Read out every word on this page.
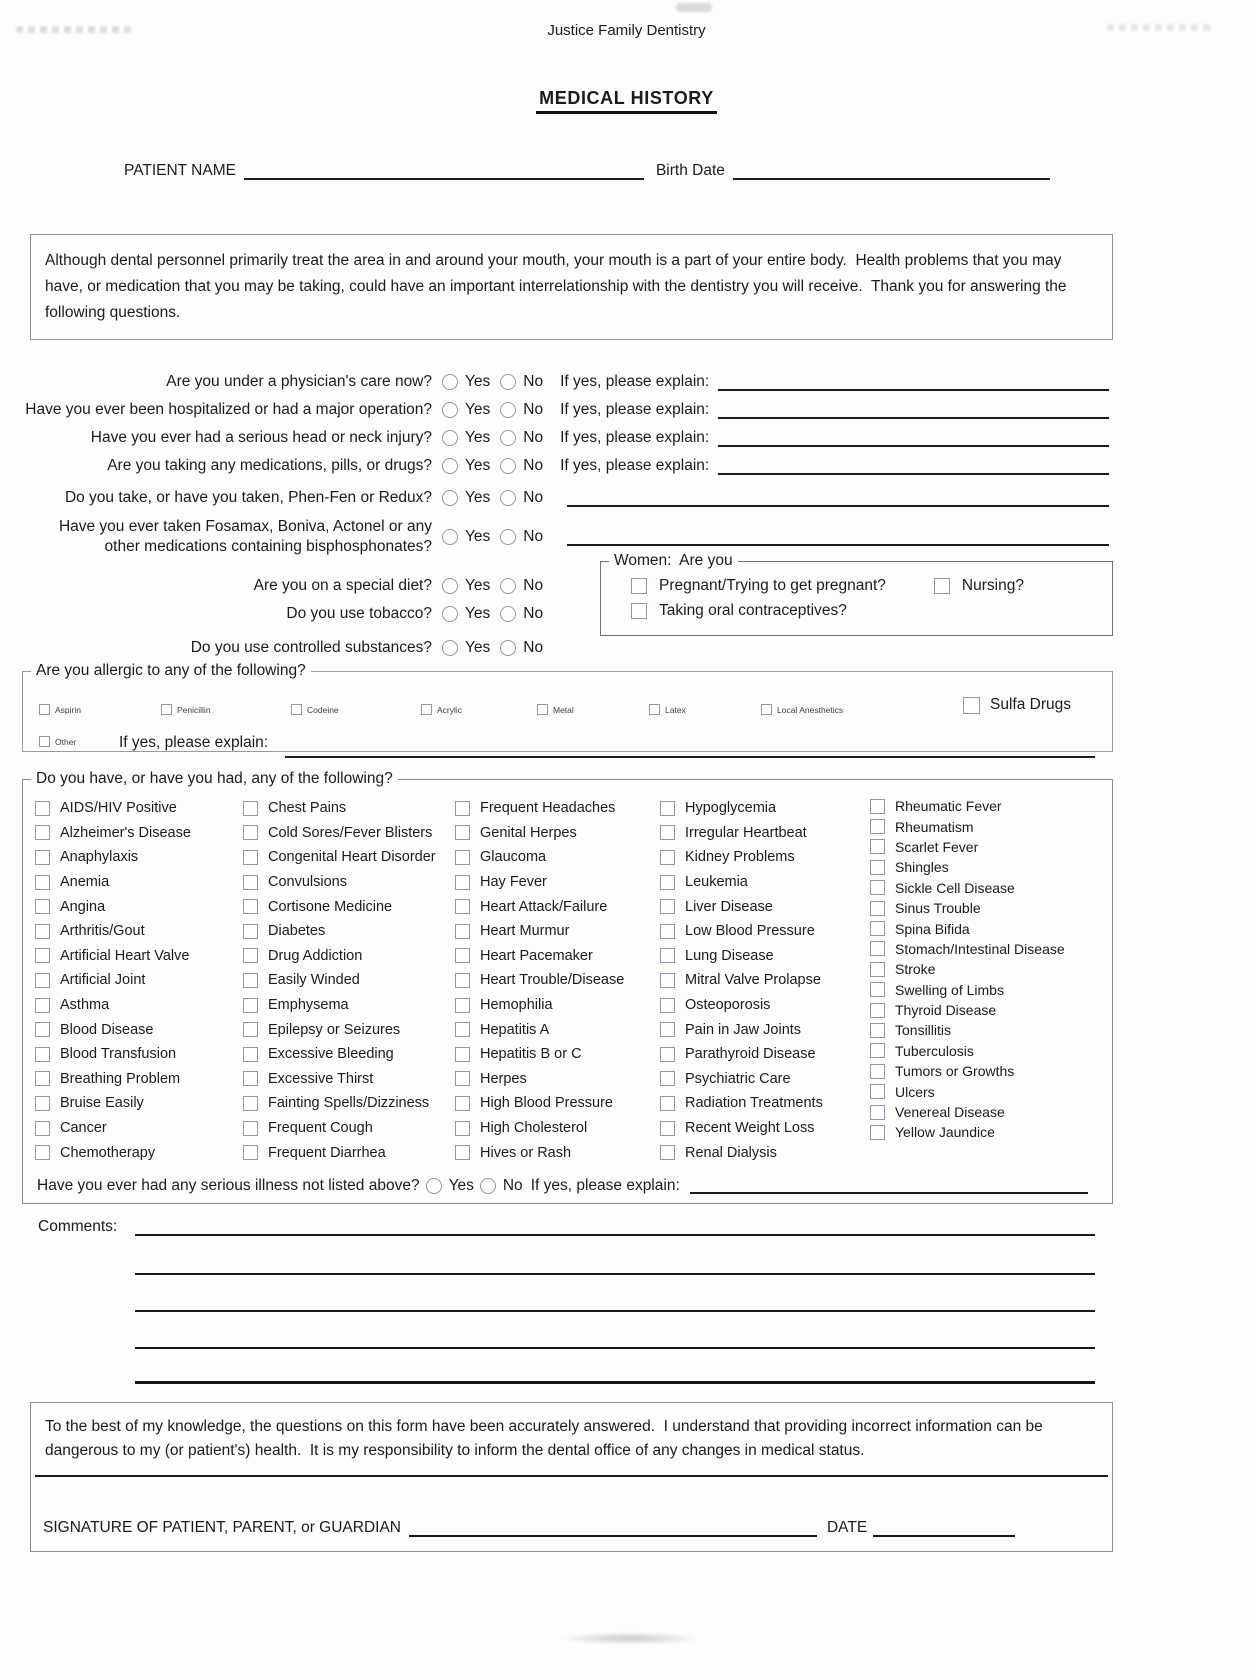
Justice Family Dentistry
MEDICAL HISTORY
PATIENT NAME	Birth Date
Although dental personnel primarily treat the area in and around your mouth, your mouth is a part of your entire body.  Health problems that you may have, or medication that you may be taking, could have an important interrelationship with the dentistry you will receive.  Thank you for answering the following questions.
Are you under a physician's care now? Yes No If yes, please explain:
Have you ever been hospitalized or had a major operation? Yes No If yes, please explain:
Have you ever had a serious head or neck injury? Yes No If yes, please explain:
Are you taking any medications, pills, or drugs? Yes No If yes, please explain:
Do you take, or have you taken, Phen-Fen or Redux? Yes No
Have you ever taken Fosamax, Boniva, Actonel or any other medications containing bisphosphonates?
Yes No
Are you on a special diet? Yes No
Do you use tobacco? Yes No
Do you use controlled substances? Yes No
Women:  Are you
Pregnant/Trying to get pregnant?	Nursing?
Taking oral contraceptives?
Are you allergic to any of the following?
Aspirin	Penicillin	Codeine	Acrylic	Metal	Latex	Local Anesthetics	Sulfa Drugs
Other	If yes, please explain:
Do you have, or have you had, any of the following?
AIDS/HIV Positive
Alzheimer's Disease
Anaphylaxis
Anemia
Angina
Arthritis/Gout
Artificial Heart Valve
Artificial Joint
Asthma
Blood Disease
Blood Transfusion
Breathing Problem
Bruise Easily
Cancer
Chemotherapy
Chest Pains
Cold Sores/Fever Blisters
Congenital Heart Disorder
Convulsions
Cortisone Medicine
Diabetes
Drug Addiction
Easily Winded
Emphysema
Epilepsy or Seizures
Excessive Bleeding
Excessive Thirst
Fainting Spells/Dizziness
Frequent Cough
Frequent Diarrhea
Frequent Headaches
Genital Herpes
Glaucoma
Hay Fever
Heart Attack/Failure
Heart Murmur
Heart Pacemaker
Heart Trouble/Disease
Hemophilia
Hepatitis A
Hepatitis B or C
Herpes
High Blood Pressure
High Cholesterol
Hives or Rash
Hypoglycemia
Irregular Heartbeat
Kidney Problems
Leukemia
Liver Disease
Low Blood Pressure
Lung Disease
Mitral Valve Prolapse
Osteoporosis
Pain in Jaw Joints
Parathyroid Disease
Psychiatric Care
Radiation Treatments
Recent Weight Loss
Renal Dialysis
Rheumatic Fever
Rheumatism
Scarlet Fever
Shingles
Sickle Cell Disease
Sinus Trouble
Spina Bifida
Stomach/Intestinal Disease
Stroke
Swelling of Limbs
Thyroid Disease
Tonsillitis
Tuberculosis
Tumors or Growths
Ulcers
Venereal Disease
Yellow Jaundice
Have you ever had any serious illness not listed above? Yes No If yes, please explain:
Comments:
To the best of my knowledge, the questions on this form have been accurately answered.  I understand that providing incorrect information can be dangerous to my (or patient's) health.  It is my responsibility to inform the dental office of any changes in medical status.
SIGNATURE OF PATIENT, PARENT, or GUARDIAN	DATE
